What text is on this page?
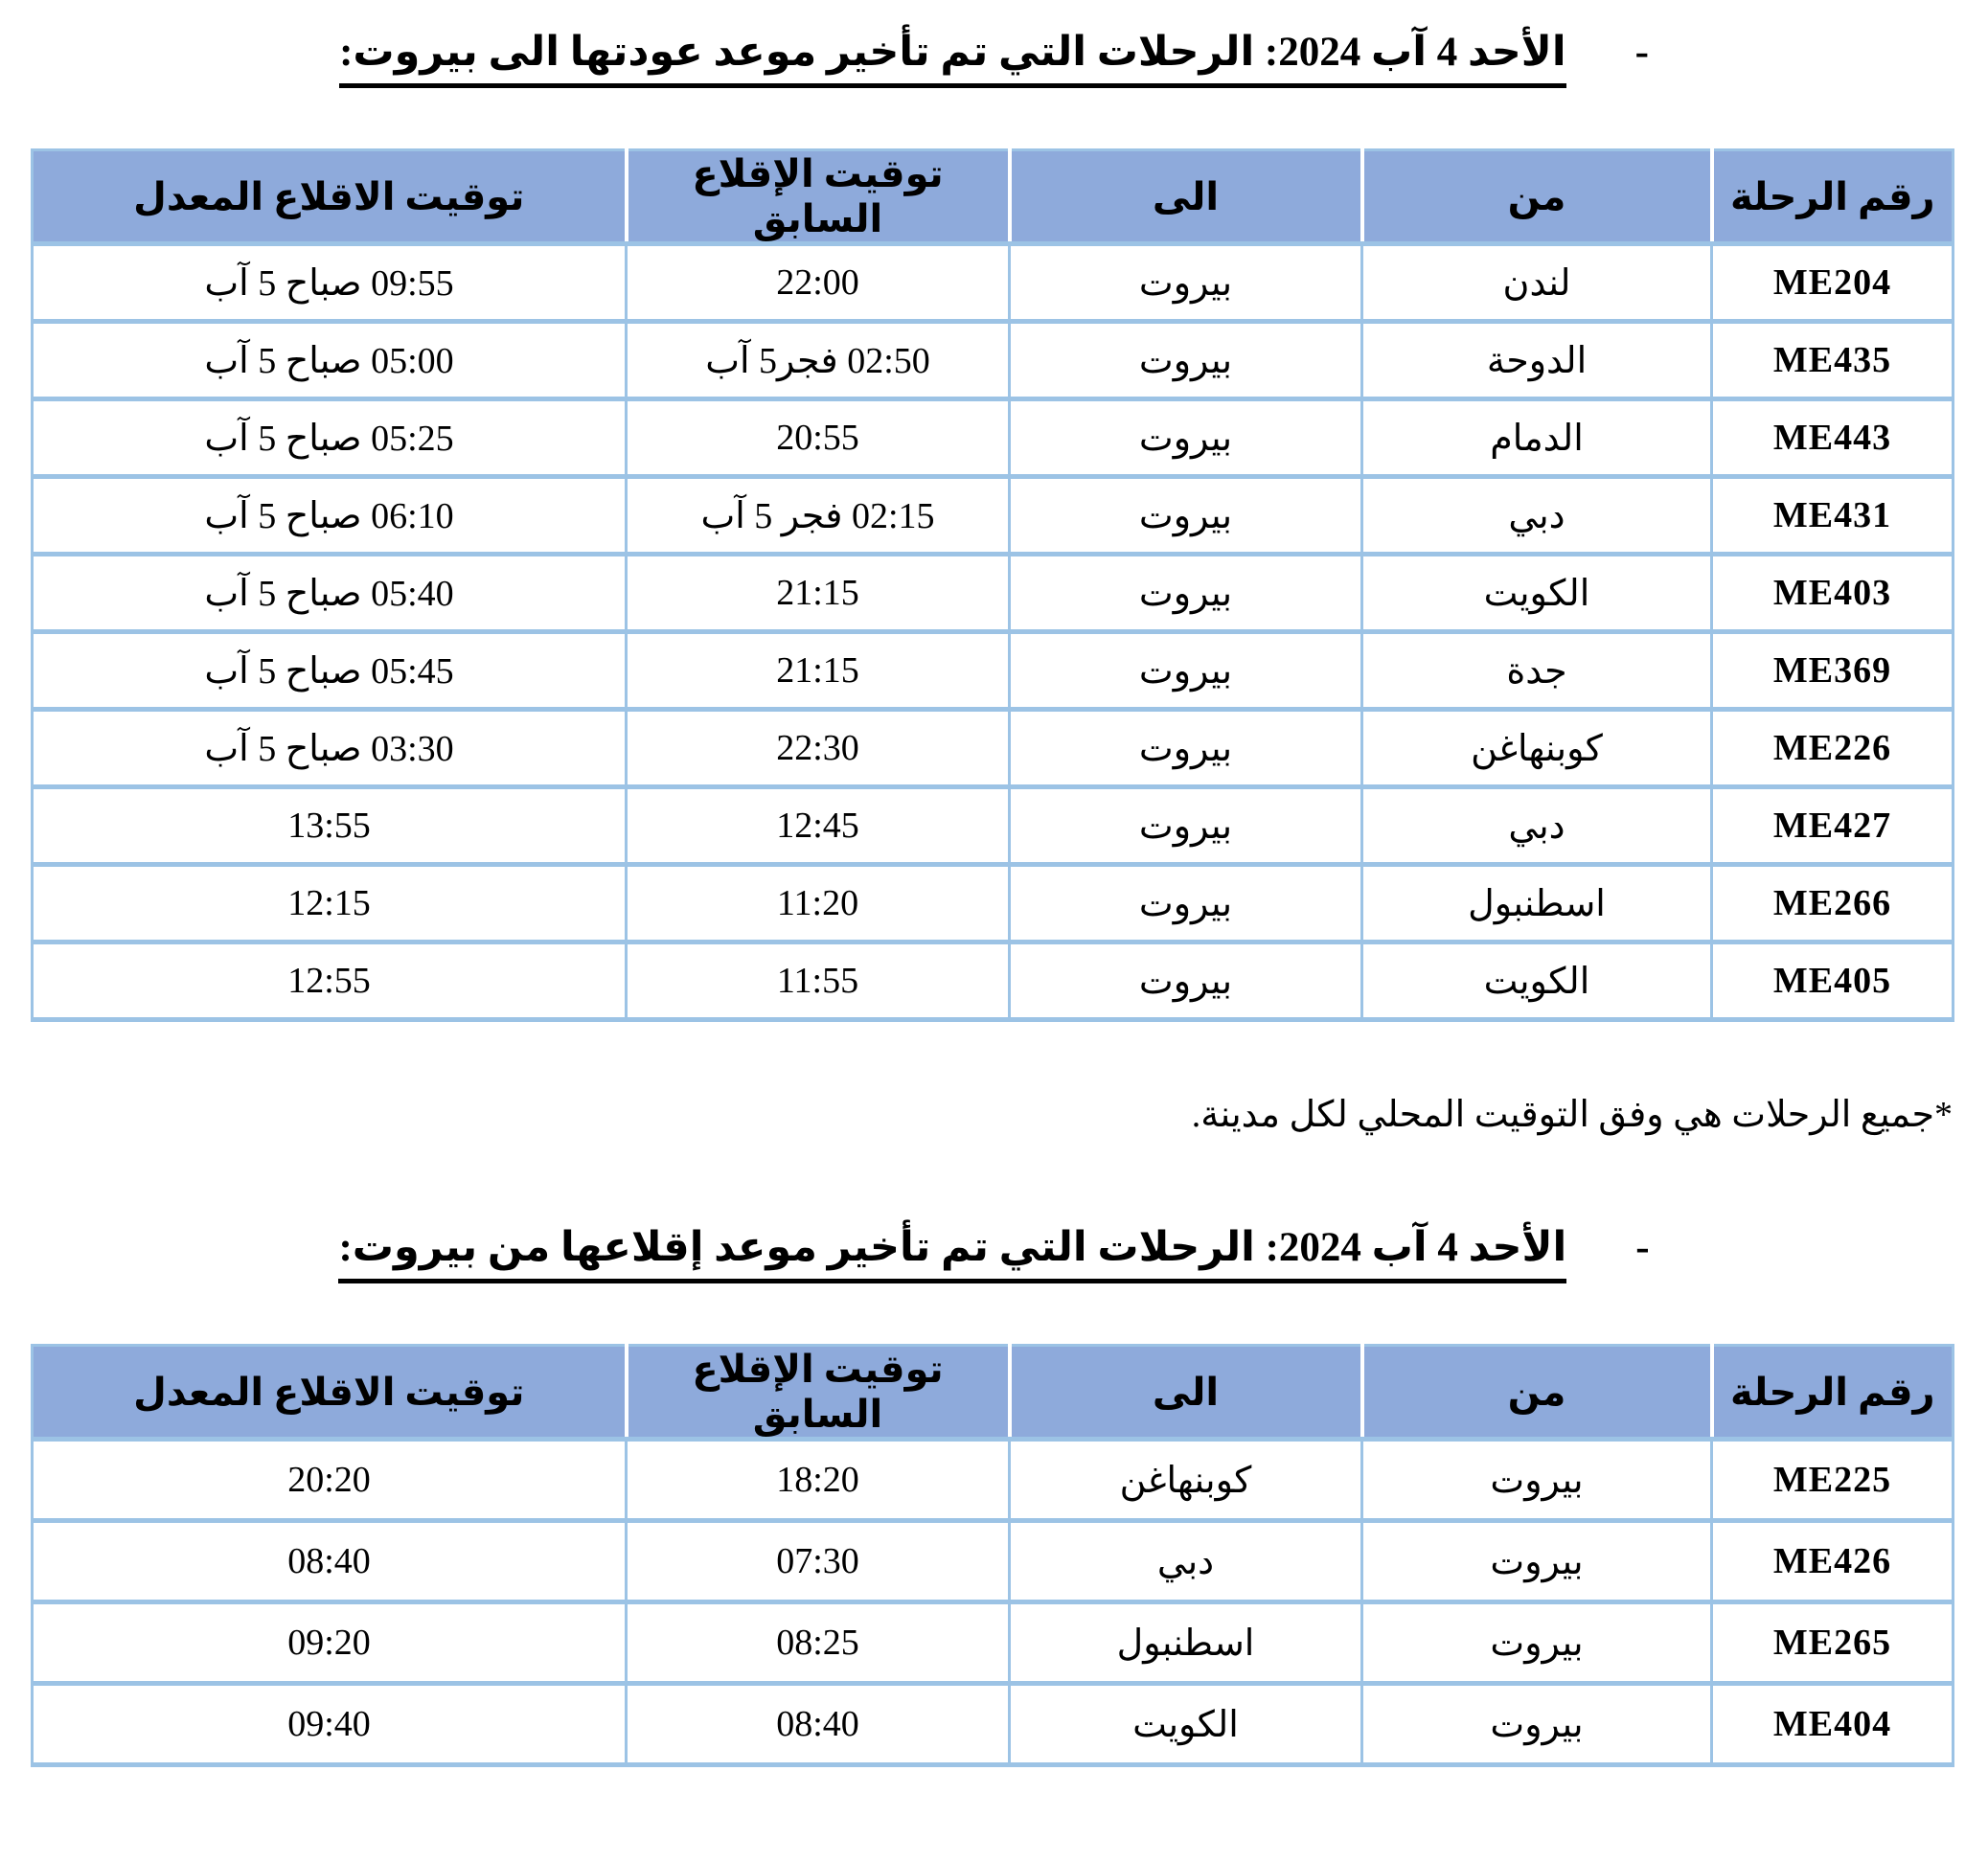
-الأحد 4 آب 2024: الرحلات التي تم تأخير موعد عودتها الى بيروت:
رقم الرحلة	من	الى	توقيت الإقلاع السابق	توقيت الاقلاع المعدل
ME204	لندن	بيروت	22:00	09:55 صباح 5 آب
ME435	الدوحة	بيروت	02:50 فجر5 آب	05:00 صباح 5 آب
ME443	الدمام	بيروت	20:55	05:25 صباح 5 آب
ME431	دبي	بيروت	02:15 فجر 5 آب	06:10 صباح 5 آب
ME403	الكويت	بيروت	21:15	05:40 صباح 5 آب
ME369	جدة	بيروت	21:15	05:45 صباح 5 آب
ME226	كوبنهاغن	بيروت	22:30	03:30 صباح 5 آب
ME427	دبي	بيروت	12:45	13:55
ME266	اسطنبول	بيروت	11:20	12:15
ME405	الكويت	بيروت	11:55	12:55
*جميع الرحلات هي وفق التوقيت المحلي لكل مدينة.
-الأحد 4 آب 2024: الرحلات التي تم تأخير موعد إقلاعها من بيروت:
رقم الرحلة	من	الى	توقيت الإقلاع السابق	توقيت الاقلاع المعدل
ME225	بيروت	كوبنهاغن	18:20	20:20
ME426	بيروت	دبي	07:30	08:40
ME265	بيروت	اسطنبول	08:25	09:20
ME404	بيروت	الكويت	08:40	09:40
